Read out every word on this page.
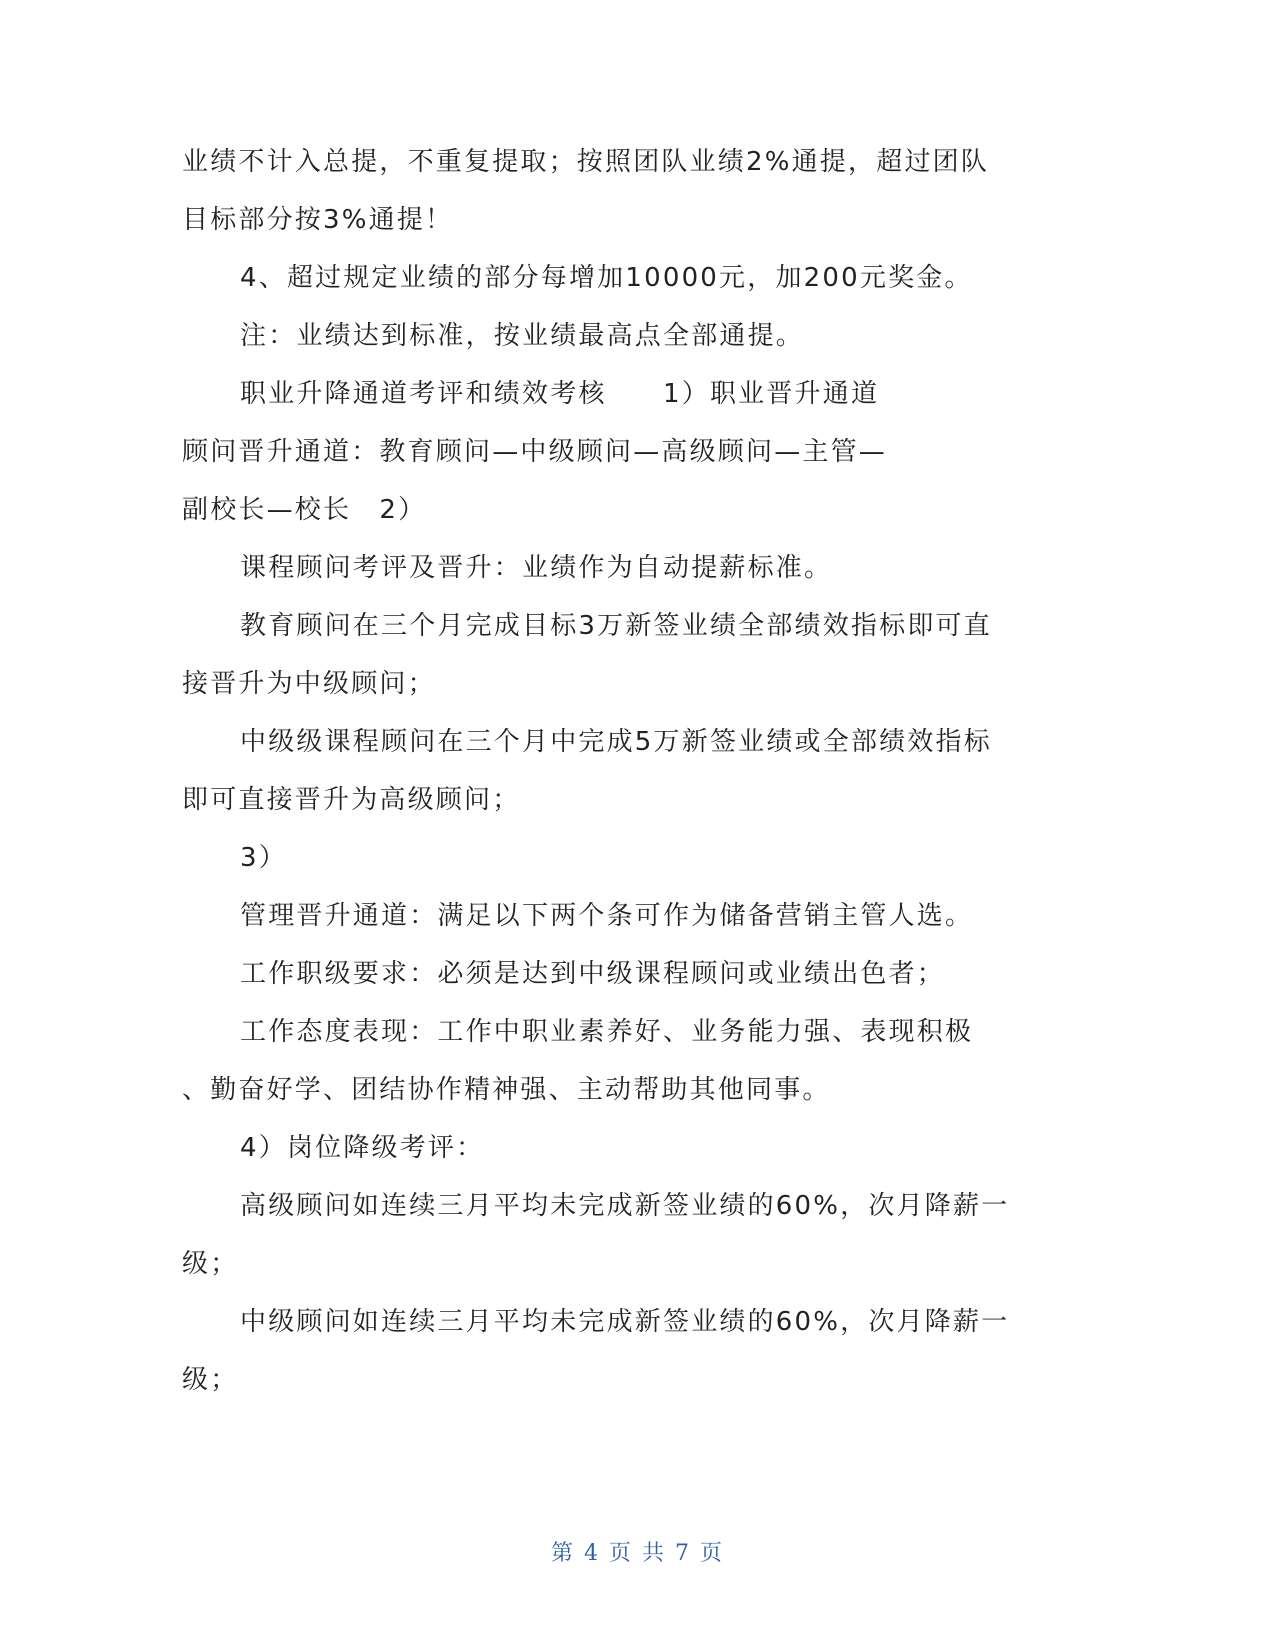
业绩不计入总提，不重复提取；按照团队业绩2%通提，超过团队
目标部分按3%通提！
4、超过规定业绩的部分每增加10000元，加200元奖金。
注：业绩达到标准，按业绩最高点全部通提。
职业升降通道考评和绩效考核　　1）职业晋升通道
顾问晋升通道：教育顾问—中级顾问—高级顾问—主管—
副校长—校长　2）
课程顾问考评及晋升：业绩作为自动提薪标准。
教育顾问在三个月完成目标3万新签业绩全部绩效指标即可直
接晋升为中级顾问；
中级级课程顾问在三个月中完成5万新签业绩或全部绩效指标
即可直接晋升为高级顾问；
3）
管理晋升通道：满足以下两个条可作为储备营销主管人选。
工作职级要求：必须是达到中级课程顾问或业绩出色者；
工作态度表现：工作中职业素养好、业务能力强、表现积极
、勤奋好学、团结协作精神强、主动帮助其他同事。
4）岗位降级考评：
高级顾问如连续三月平均未完成新签业绩的60%，次月降薪一
级；
中级顾问如连续三月平均未完成新签业绩的60%，次月降薪一
级；
第 4 页 共 7 页
